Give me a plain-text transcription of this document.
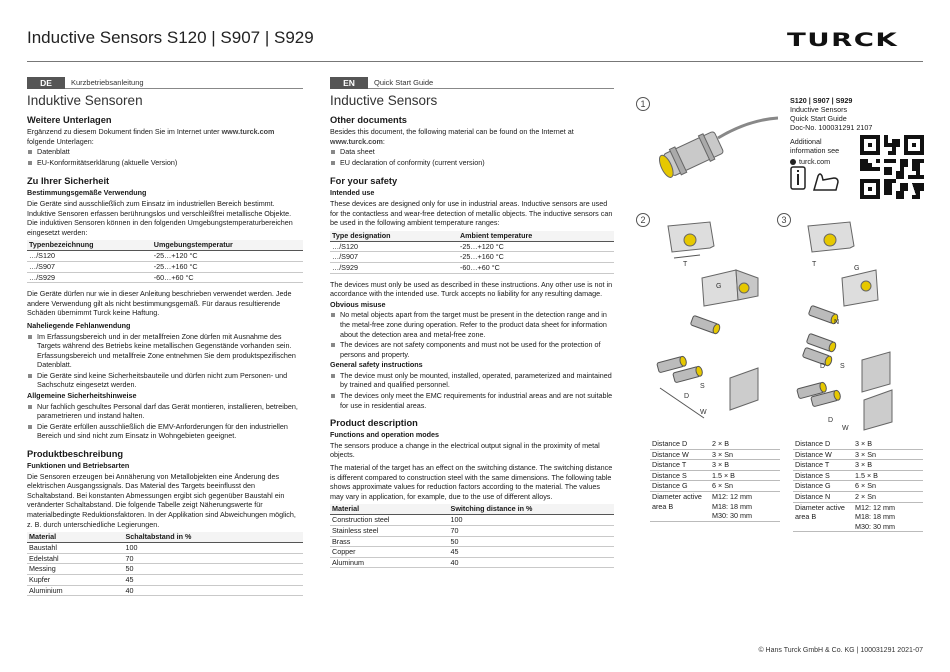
Inductive Sensors S120 | S907 | S929	TURCK
DE	Kurzbetriebsanleitung
Induktive Sensoren
Weitere Unterlagen
Ergänzend zu diesem Dokument finden Sie im Internet unter www.turck.com folgende Unterlagen:
Datenblatt
EU-Konformitätserklärung (aktuelle Version)
Zu Ihrer Sicherheit
Bestimmungsgemäße Verwendung
Die Geräte sind ausschließlich zum Einsatz im industriellen Bereich bestimmt. Induktive Sensoren erfassen berührungslos und verschleißfrei metallische Objekte. Die induktiven Sensoren können in den folgenden Umgebungstemperaturbereichen eingesetzt werden:
Typenbezeichnung	Umgebungstemperatur
…/S120	-25…+120 °C
…/S907	-25…+160 °C
…/S929	-60…+60 °C
Die Geräte dürfen nur wie in dieser Anleitung beschrieben verwendet werden. Jede andere Verwendung gilt als nicht bestimmungsgemäß. Für daraus resultierende Schäden übernimmt Turck keine Haftung.
Naheliegende Fehlanwendung
Im Erfassungsbereich und in der metallfreien Zone dürfen mit Ausnahme des Targets während des Betriebs keine metallischen Gegenstände vorhanden sein. Erfassungsbereich und metallfreie Zone entnehmen Sie dem produktspezifischen Datenblatt.
Die Geräte sind keine Sicherheitsbauteile und dürfen nicht zum Personen- und Sachschutz eingesetzt werden.
Allgemeine Sicherheitshinweise
Nur fachlich geschultes Personal darf das Gerät montieren, installieren, betreiben, parametrieren und instand halten.
Die Geräte erfüllen ausschließlich die EMV-Anforderungen für den industriellen Bereich und sind nicht zum Einsatz in Wohngebieten geeignet.
Produktbeschreibung
Funktionen und Betriebsarten
Die Sensoren erzeugen bei Annäherung von Metallobjekten eine Änderung des elektrischen Ausgangssignals. Das Material des Targets beeinflusst den Schaltabstand. Bei konstanten Abmessungen ergibt sich gegenüber Baustahl ein veränderter Schaltabstand. Die folgende Tabelle zeigt Näherungswerte für materialbedingte Reduktionsfaktoren. In der Applikation sind Abweichungen möglich, z. B. durch unterschiedliche Legierungen.
Material	Schaltabstand in %
Baustahl	100
Edelstahl	70
Messing	50
Kupfer	45
Aluminium	40
EN	Quick Start Guide
Inductive Sensors
Other documents
Besides this document, the following material can be found on the Internet at www.turck.com:
Data sheet
EU declaration of conformity (current version)
For your safety
Intended use
These devices are designed only for use in industrial areas. Inductive sensors are used for the contactless and wear-free detection of metallic objects. The inductive sensors can be used in the following ambient temperature ranges:
Type designation	Ambient temperature
…/S120	-25…+120 °C
…/S907	-25…+160 °C
…/S929	-60…+60 °C
The devices must only be used as described in these instructions. Any other use is not in accordance with the intended use. Turck accepts no liability for any resulting damage.
Obvious misuse
No metal objects apart from the target must be present in the detection range and in the metal-free zone during operation. Refer to the product data sheet for information about the detection area and metal-free zone.
The devices are not safety components and must not be used for the protection of persons and property.
General safety instructions
The device must only be mounted, installed, operated, parameterized and maintained by trained and qualified personnel.
The devices only meet the EMC requirements for industrial areas and are not suitable for use in residential areas.
Product description
Functions and operation modes
The sensors produce a change in the electrical output signal in the proximity of metal objects.
The material of the target has an effect on the switching distance. The switching distance is different compared to construction steel with the same dimensions. The following table shows approximate values for reduction factors according to the material. The values may vary in application, for example, due to the use of different alloys.
Material	Switching distance in %
Construction steel	100
Stainless steel	70
Brass	50
Copper	45
Aluminum	40
1	S120 | S907 | S929
Inductive Sensors
Quick Start Guide
Doc-No. 100031291 2107
Additional information see
turck.com
2	3
T
G
D
W
S
T
G
N
S
D
D
W
Distance D	2 × B
Distance W	3 × Sn
Distance T	3 × B
Distance S	1.5 × B
Distance G	6 × Sn
Diameter active area B	M12: 12 mm
M18: 18 mm
M30: 30 mm
Distance D	3 × B
Distance W	3 × Sn
Distance T	3 × B
Distance S	1.5 × B
Distance G	6 × Sn
Distance N	2 × Sn
Diameter active area B	M12: 12 mm
M18: 18 mm
M30: 30 mm
© Hans Turck GmbH & Co. KG | 100031291 2021-07
